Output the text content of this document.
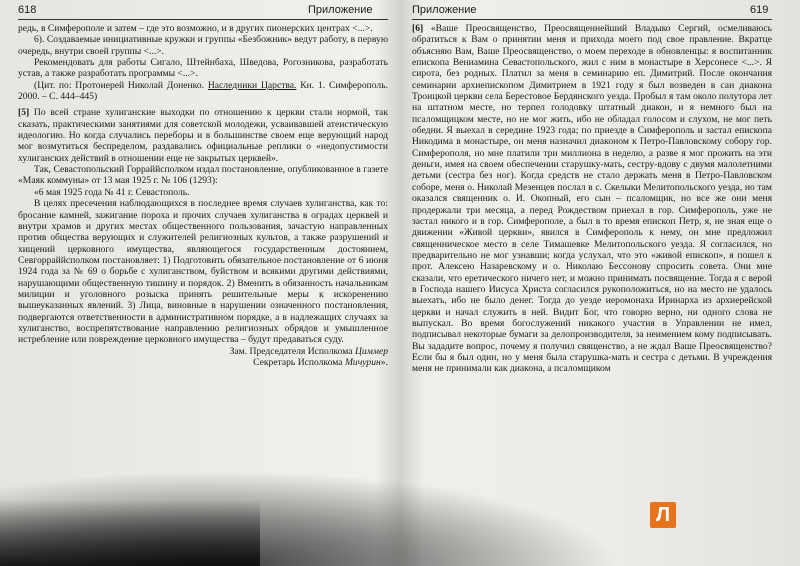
618	Приложение

редь, в Симферополе и затем – где это возможно, и в других пионерских центрах <...>.

6). Создаваемые инициативные кружки и группы «Безбожник» ведут работу, в первую очередь, внутри своей группы <...>.

Рекомендовать для работы Сигало, Штейнбаха, Шведова, Рогозникова, разработать устав, а также разработать программы <...>.

(Цит. по: Протоиерей Николай Доненко. Наследники Царства. Кн. 1. Симферополь. 2000. – С. 444–445)

[5] По всей стране хулиганские выходки по отношению к церкви стали нормой, так сказать, практическими занятиями для советской молодежи, усваивавшей атеистическую идеологию. Но когда случались переборы и в большинстве своем еще верующий народ мог возмутиться беспределом, раздавались официальные реплики о «недопустимости хулиганских действий в отношении еще не закрытых церквей».

Так, Севастопольский Горраййсполком издал постановление, опубликованное в газете «Маяк коммуны» от 13 мая 1925 г. № 106 (1293):

«6 мая 1925 года № 41 г. Севастополь.

В целях пресечения наблюдающихся в последнее время случаев хулиганства, как то: бросание камней, зажигание пороха и прочих случаев хулиганства в оградах церквей и внутри храмов и других местах общественного пользования, зачастую направленных против общества верующих и служителей религиозных культов, а также разрушений и хищений церковного имущества, являющегося государственным достоянием, Севгорраййсполком постановляет: 1) Подготовить обязательное постановление от 6 июня 1924 года за № 69 о борьбе с хулиганством, буйством и всякими другими действиями, нарушающими общественную тишину и порядок. 2) Вменить в обязанность начальникам милиции и уголовного розыска принять решительные меры к искоренению вышеуказанных явлений. 3) Лица, виновные в нарушении означенного постановления, подвергаются ответственности в административном порядке, а в надлежащих случаях за хулиганство, воспрепятствование направлению религиозных обрядов и умышленное истребление или повреждение церковного имущества – будут предаваться суду.

Зам. Председателя Исполкома Циммер

Секретарь Исполкома Мичурин».

Приложение	619

[6] «Ваше Преосвященство, Преосвященнейший Владыко Сергий, осмеливаюсь обратиться к Вам о принятии меня и прихода моего под свое правление. Вкратце объясняю Вам, Ваше Преосвященство, о моем переходе в обновленцы: я воспитанник епископа Вениамина Севастопольского, жил с ним в монастыре в Херсонесе <...>. Я сирота, без родных. Платил за меня в семинарию еп. Димитрий. После окончания семинарии архиепископом Димитрием в 1921 году я был возведен в сан диакона Троицкой церкви села Берестовое Бердянского уезда. Пробыл я там около полутора лет на штатном месте, но терпел голодовку штатный диакон, и я немного был на псаломщицком месте, но не мог жить, ибо не обладал голосом и слухом, не мог петь обедни. Я выехал в середине 1923 года; по приезде в Симферополь и застал епископа Никодима в монастыре, он меня назначил диаконом к Петро-Павловскому собору гор. Симферополя, но мне платили три миллиона в неделю, а разве я мог прожить на эти деньги, имея на своем обеспечении старушку-мать, сестру-вдову с двумя малолетними детьми (сестра без ног). Когда средств не стало держать меня в Петро-Павловском соборе, меня о. Николай Мезенцев послал в с. Скелыки Мелитопольского уезда, но там оказался священник о. И. Окопный, его сын – псаломщик, но все же они меня продержали три месяца, а перед Рождеством приехал в гор. Симферополь, уже не застал никого и в гор. Симферополе, а был в то время епископ Петр, я, не зная еще о движении «Живой церкви», явился в Симферополь к нему, он мне предложил священническое место в селе Тимашевке Мелитопольского уезда. Я согласился, но предварительно не мог узнавши; когда услухал, что это «живой епископ», я пошел к прот. Алексею Назаревскому и о. Николаю Бессонову спросить совета. Они мне сказали, что еретического ничего нет, и можно принимать посвящение. Тогда я с верой в Господа нашего Иисуса Христа согласился рукоположиться, но на место не удалось выехать, ибо не было денег. Тогда до уезде иеромонаха Иринарха из архиерейской церкви и начал служить в ней. Видит Бог, что говорю верно, ни одного слова не выпускал. Во время богослужений никакого участия в Управлении не имел, подписывал некоторые бумаги за делопроизводителя, за неимением кому подписывать. Вы зададите вопрос, почему я получил священство, а не ждал Ваше Преосвященство? Если бы я был один, но у меня была старушка-мать и сестра с детьми. В учреждения меня не принимали как диакона, а псаломщиком

Л
